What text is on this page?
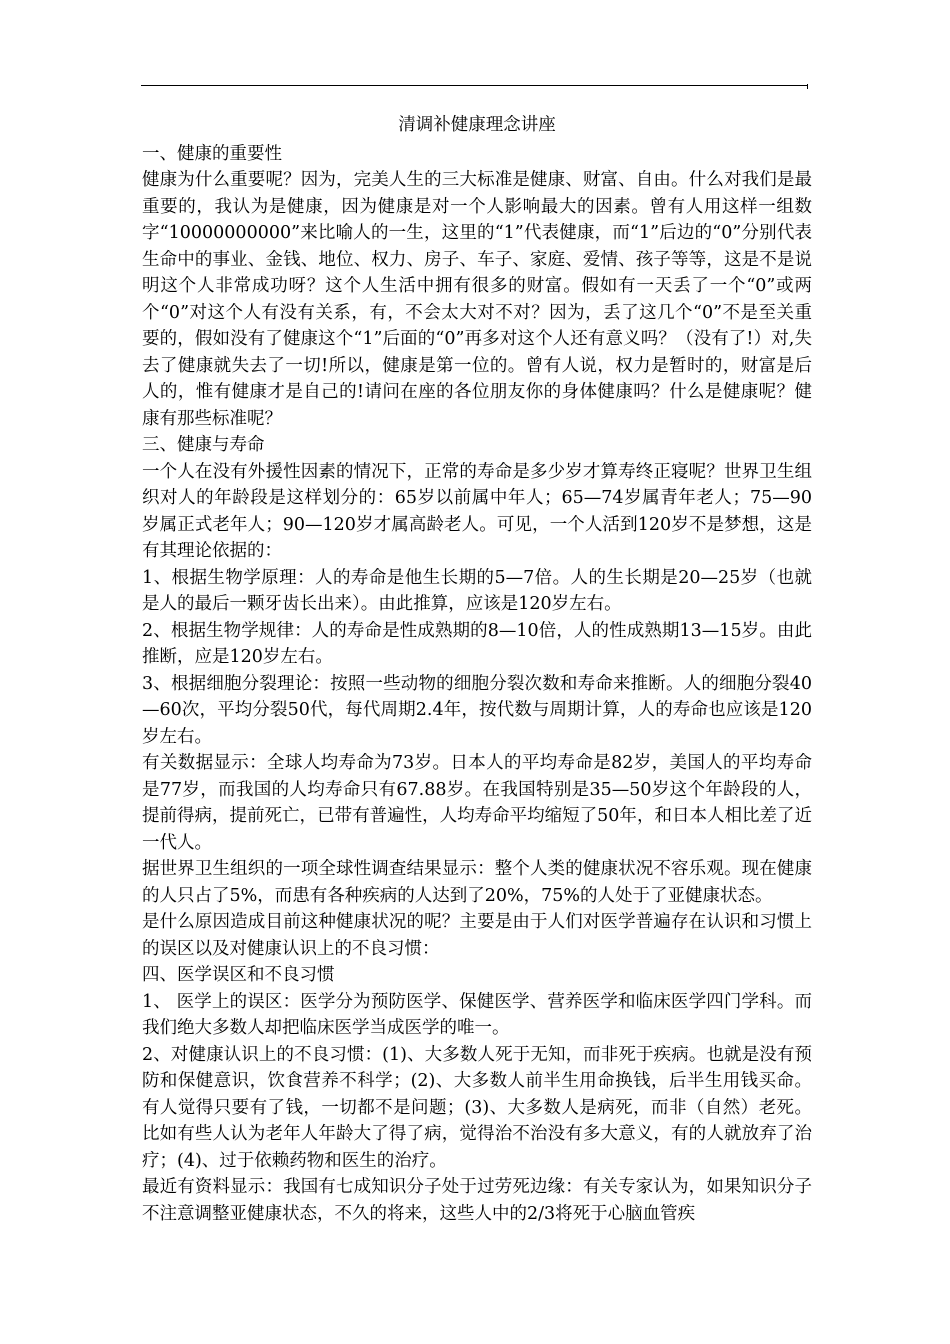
清调补健康理念讲座
一、健康的重要性

健康为什么重要呢？因为，完美人生的三大标准是健康、财富、自由。什么对我们是最重要的，我认为是健康，因为健康是对一个人影响最大的因素。曾有人用这样一组数字“10000000000”来比喻人的一生，这里的“1”代表健康，而“1”后边的“0”分别代表生命中的事业、金钱、地位、权力、房子、车子、家庭、爱情、孩子等等，这是不是说明这个人非常成功呀？这个人生活中拥有很多的财富。假如有一天丢了一个“0”或两个“0”对这个人有没有关系，有，不会太大对不对？因为，丢了这几个“0”不是至关重要的，假如没有了健康这个“1”后面的“0”再多对这个人还有意义吗？（没有了!）对,失去了健康就失去了一切!所以，健康是第一位的。曾有人说，权力是暂时的，财富是后人的，惟有健康才是自己的!请问在座的各位朋友你的身体健康吗？什么是健康呢？健康有那些标准呢？

三、健康与寿命

一个人在没有外援性因素的情况下，正常的寿命是多少岁才算寿终正寝呢？世界卫生组织对人的年龄段是这样划分的：65岁以前属中年人；65—74岁属青年老人；75—90岁属正式老年人；90—120岁才属高龄老人。可见，一个人活到120岁不是梦想，这是有其理论依据的：

1、根据生物学原理：人的寿命是他生长期的5—7倍。人的生长期是20—25岁（也就是人的最后一颗牙齿长出来）。由此推算，应该是120岁左右。

2、根据生物学规律：人的寿命是性成熟期的8—10倍，人的性成熟期13—15岁。由此推断，应是120岁左右。

3、根据细胞分裂理论：按照一些动物的细胞分裂次数和寿命来推断。人的细胞分裂40—60次，平均分裂50代，每代周期2.4年，按代数与周期计算，人的寿命也应该是120岁左右。

有关数据显示：全球人均寿命为73岁。日本人的平均寿命是82岁，美国人的平均寿命是77岁，而我国的人均寿命只有67.88岁。在我国特别是35—50岁这个年龄段的人，提前得病，提前死亡，已带有普遍性，人均寿命平均缩短了50年，和日本人相比差了近一代人。

据世界卫生组织的一项全球性调查结果显示：整个人类的健康状况不容乐观。现在健康的人只占了5%，而患有各种疾病的人达到了20%，75%的人处于了亚健康状态。

是什么原因造成目前这种健康状况的呢？主要是由于人们对医学普遍存在认识和习惯上的误区以及对健康认识上的不良习惯：

四、医学误区和不良习惯

1、 医学上的误区：医学分为预防医学、保健医学、营养医学和临床医学四门学科。而我们绝大多数人却把临床医学当成医学的唯一。

2、对健康认识上的不良习惯：(1)、大多数人死于无知，而非死于疾病。也就是没有预防和保健意识，饮食营养不科学；(2)、大多数人前半生用命换钱，后半生用钱买命。有人觉得只要有了钱，一切都不是问题；(3)、大多数人是病死，而非（自然）老死。比如有些人认为老年人年龄大了得了病，觉得治不治没有多大意义，有的人就放弃了治疗；(4)、过于依赖药物和医生的治疗。

最近有资料显示：我国有七成知识分子处于过劳死边缘：有关专家认为，如果知识分子不注意调整亚健康状态，不久的将来，这些人中的2/3将死于心脑血管疾
